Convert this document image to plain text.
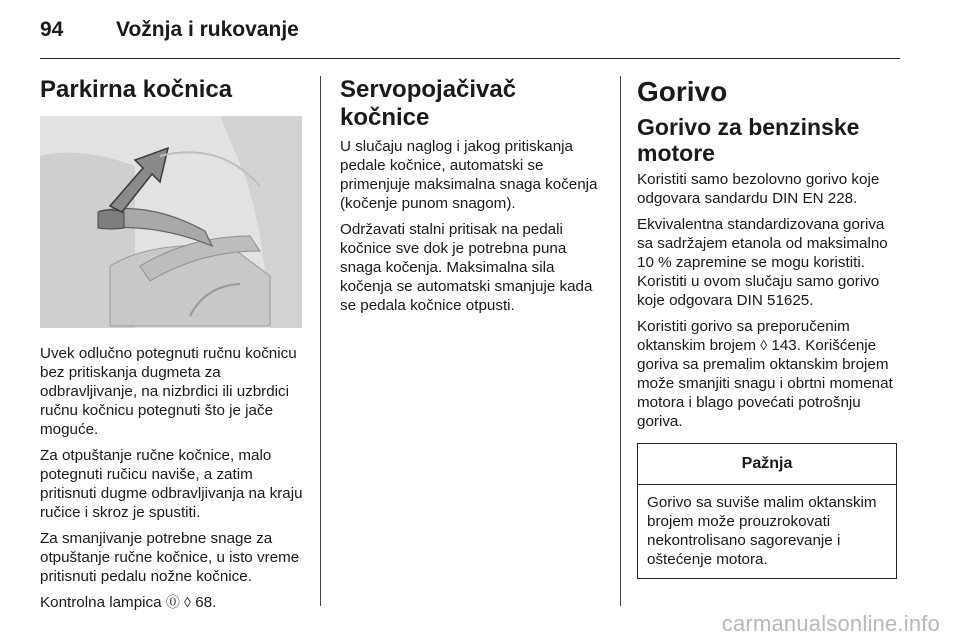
94	Vožnja i rukovanje
Parkirna kočnica

Uvek odlučno potegnuti ručnu kočnicu bez pritiskanja dugmeta za odbravljivanje, na nizbrdici ili uzbrdici ručnu kočnicu potegnuti što je jače moguće.

Za otpuštanje ručne kočnice, malo potegnuti ručicu naviše, a zatim pritisnuti dugme odbravljivanja na kraju ručice i skroz je spustiti.

Za smanjivanje potrebne snage za otpuštanje ručne kočnice, u isto vreme pritisnuti pedalu nožne kočnice.

Kontrolna lampica ⓪ ◊ 68.

Servopojačivač kočnice

U slučaju naglog i jakog pritiskanja pedale kočnice, automatski se primenjuje maksimalna snaga kočenja (kočenje punom snagom).

Održavati stalni pritisak na pedali kočnice sve dok je potrebna puna snaga kočenja. Maksimalna sila kočenja se automatski smanjuje kada se pedala kočnice otpusti.

Gorivo
Gorivo za benzinske motore

Koristiti samo bezolovno gorivo koje odgovara sandardu DIN EN 228.

Ekvivalentna standardizovana goriva sa sadržajem etanola od maksimalno 10 % zapremine se mogu koristiti. Koristiti u ovom slučaju samo gorivo koje odgovara DIN 51625.

Koristiti gorivo sa preporučenim oktanskim brojem ◊ 143. Korišćenje goriva sa premalim oktanskim brojem može smanjiti snagu i obrtni momenat motora i blago povećati potrošnju goriva.

Pažnja
Gorivo sa suviše malim oktanskim brojem može prouzrokovati nekontrolisano sagorevanje i oštećenje motora.
carmanualsonline.info
